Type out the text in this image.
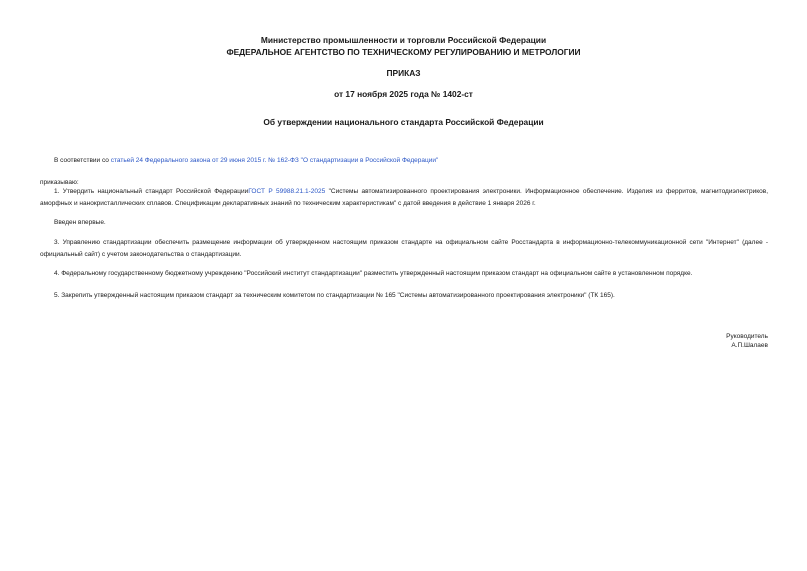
Министерство промышленности и торговли Российской Федерации
ФЕДЕРАЛЬНОЕ АГЕНТСТВО ПО ТЕХНИЧЕСКОМУ РЕГУЛИРОВАНИЮ И МЕТРОЛОГИИ
ПРИКАЗ
от 17 ноября 2025 года № 1402-ст
Об утверждении национального стандарта Российской Федерации
В соответствии со статьей 24 Федерального закона от 29 июня 2015 г. № 162-ФЗ "О стандартизации в Российской Федерации"
приказываю:
1. Утвердить национальный стандарт Российской ФедерацииГОСТ Р 59988.21.1-2025 "Системы автоматизированного проектирования электроники. Информационное обеспечение. Изделия из ферритов, магнитодиэлектриков, аморфных и нанокристаллических сплавов. Спецификации декларативных знаний по техническим характеристикам" с датой введения в действие 1 января 2026 г.
Введен впервые.
3. Управлению стандартизации обеспечить размещение информации об утвержденном настоящим приказом стандарте на официальном сайте Росстандарта в информационно-телекоммуникационной сети "Интернет" (далее - официальный сайт) с учетом законодательства о стандартизации.
4. Федеральному государственному бюджетному учреждению "Российский институт стандартизации" разместить утвержденный настоящим приказом стандарт на официальном сайте в установленном порядке.
5. Закрепить утвержденный настоящим приказом стандарт за техническим комитетом по стандартизации № 165 "Системы автоматизированного проектирования электроники" (ТК 165).
Руководитель
А.П.Шалаев
